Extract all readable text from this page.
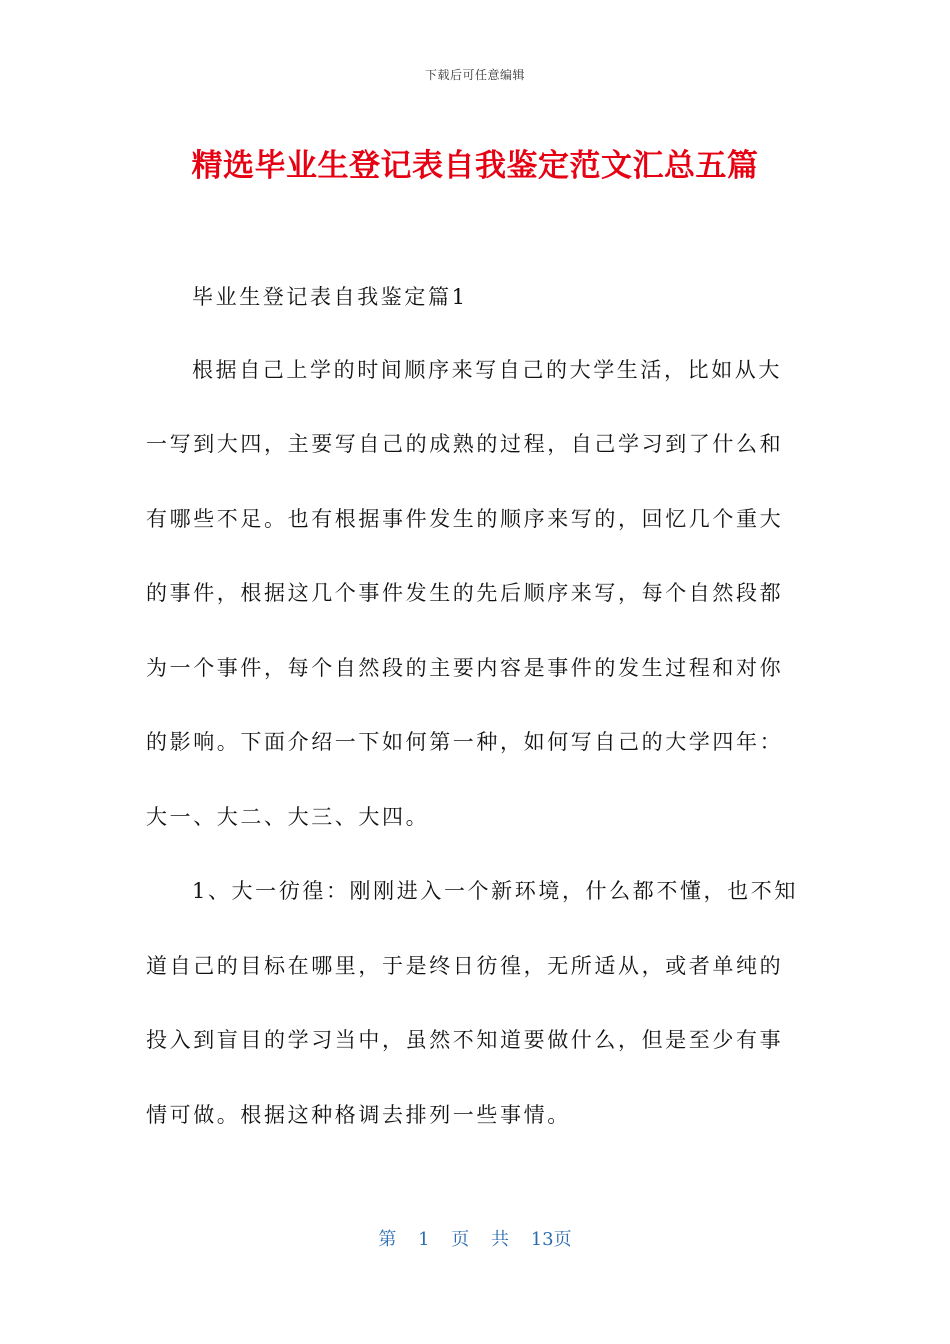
下载后可任意编辑
精选毕业生登记表自我鉴定范文汇总五篇
毕业生登记表自我鉴定篇1
根据自己上学的时间顺序来写自己的大学生活，比如从大
一写到大四，主要写自己的成熟的过程，自己学习到了什么和
有哪些不足。也有根据事件发生的顺序来写的，回忆几个重大
的事件，根据这几个事件发生的先后顺序来写，每个自然段都
为一个事件，每个自然段的主要内容是事件的发生过程和对你
的影响。下面介绍一下如何第一种，如何写自己的大学四年：
大一、大二、大三、大四。
1、大一彷徨：刚刚进入一个新环境，什么都不懂，也不知
道自己的目标在哪里，于是终日彷徨，无所适从，或者单纯的
投入到盲目的学习当中，虽然不知道要做什么，但是至少有事
情可做。根据这种格调去排列一些事情。
第 1 页 共 13页
